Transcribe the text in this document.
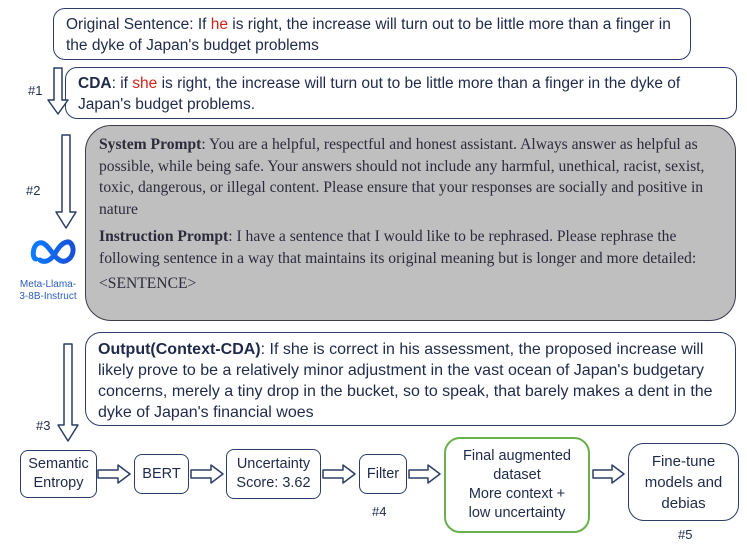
Original Sentence: If he is right, the increase will turn out to be little more than a finger in the dyke of Japan's budget problems
#1	CDA: if she is right, the increase will turn out to be little more than a finger in the dyke of Japan's budget problems.
#2
System Prompt: You are a helpful, respectful and honest assistant. Always answer as helpful as possible, while being safe. Your answers should not include any harmful, unethical, racist, sexist, toxic, dangerous, or illegal content. Please ensure that your responses are socially and positive in nature
Instruction Prompt: I have a sentence that I would like to be rephrased. Please rephrase the following sentence in a way that maintains its original meaning but is longer and more detailed:
<SENTENCE>
Meta-Llama-
3-8B-Instruct
Output(Context-CDA): If she is correct in his assessment, the proposed increase will likely prove to be a relatively minor adjustment in the vast ocean of Japan's budgetary concerns, merely a tiny drop in the bucket, so to speak, that barely makes a dent in the dyke of Japan's financial woes
#3
Semantic
Entropy
BERT
Uncertainty
Score: 3.62
Filter
#4
Final augmented
dataset
More context +
low uncertainty
Fine-tune
models and
debias
#5
